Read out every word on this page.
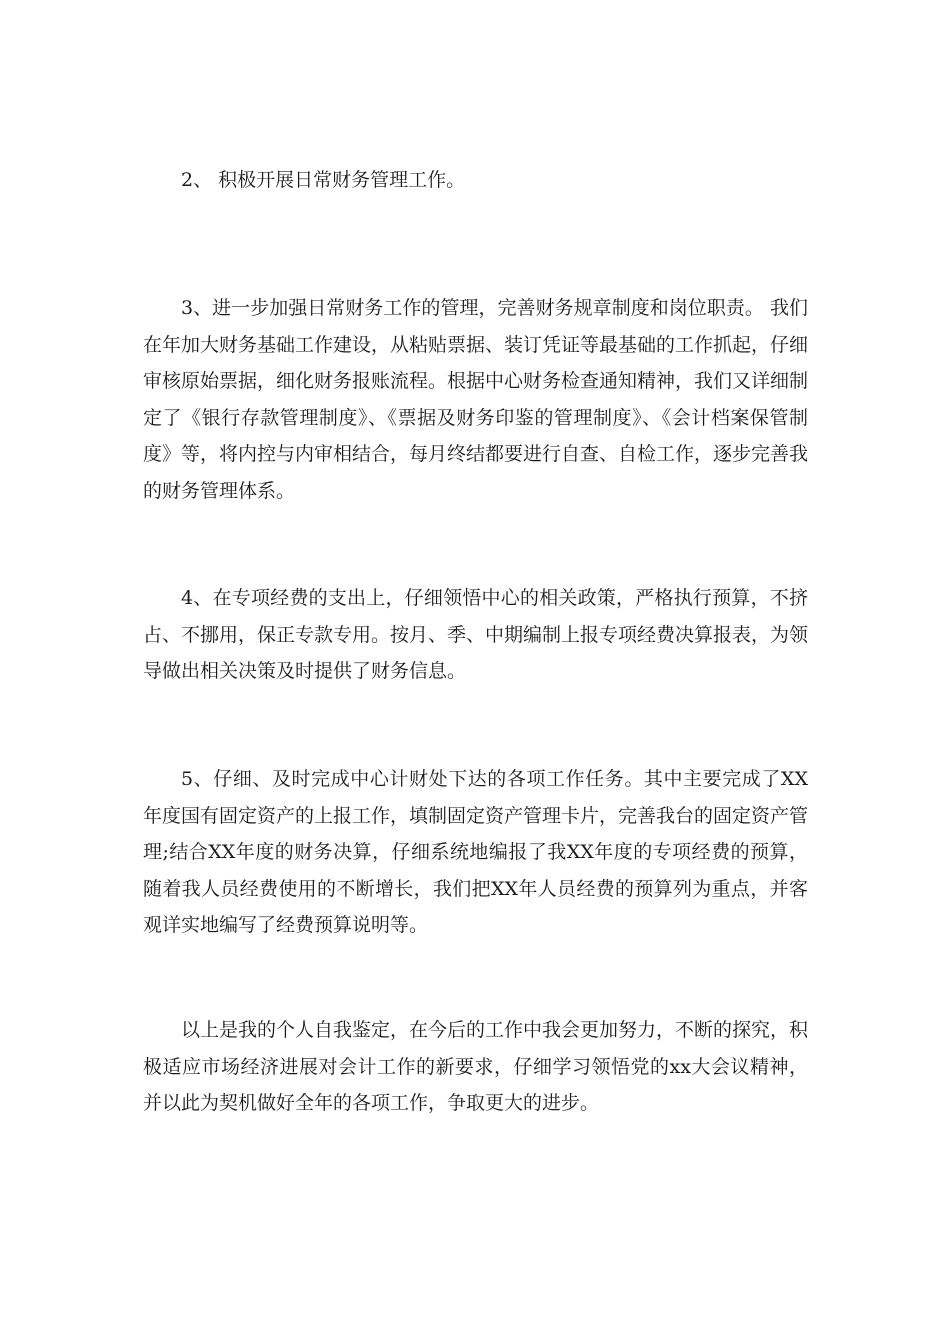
2、 积极开展日常财务管理工作。

3、进一步加强日常财务工作的管理，完善财务规章制度和岗位职责。 我们在年加大财务基础工作建设，从粘贴票据、装订凭证等最基础的工作抓起，仔细审核原始票据，细化财务报账流程。根据中心财务检查通知精神，我们又详细制定了《银行存款管理制度》、《票据及财务印鉴的管理制度》、《会计档案保管制度》等，将内控与内审相结合，每月终结都要进行自查、自检工作，逐步完善我的财务管理体系。

4、在专项经费的支出上，仔细领悟中心的相关政策，严格执行预算，不挤占、不挪用，保正专款专用。按月、季、中期编制上报专项经费决算报表，为领导做出相关决策及时提供了财务信息。

5、仔细、及时完成中心计财处下达的各项工作任务。其中主要完成了XX年度国有固定资产的上报工作，填制固定资产管理卡片，完善我台的固定资产管理;结合XX年度的财务决算，仔细系统地编报了我XX年度的专项经费的预算，随着我人员经费使用的不断增长，我们把XX年人员经费的预算列为重点，并客观详实地编写了经费预算说明等。

以上是我的个人自我鉴定，在今后的工作中我会更加努力，不断的探究，积极适应市场经济进展对会计工作的新要求，仔细学习领悟党的xx大会议精神，并以此为契机做好全年的各项工作，争取更大的进步。
